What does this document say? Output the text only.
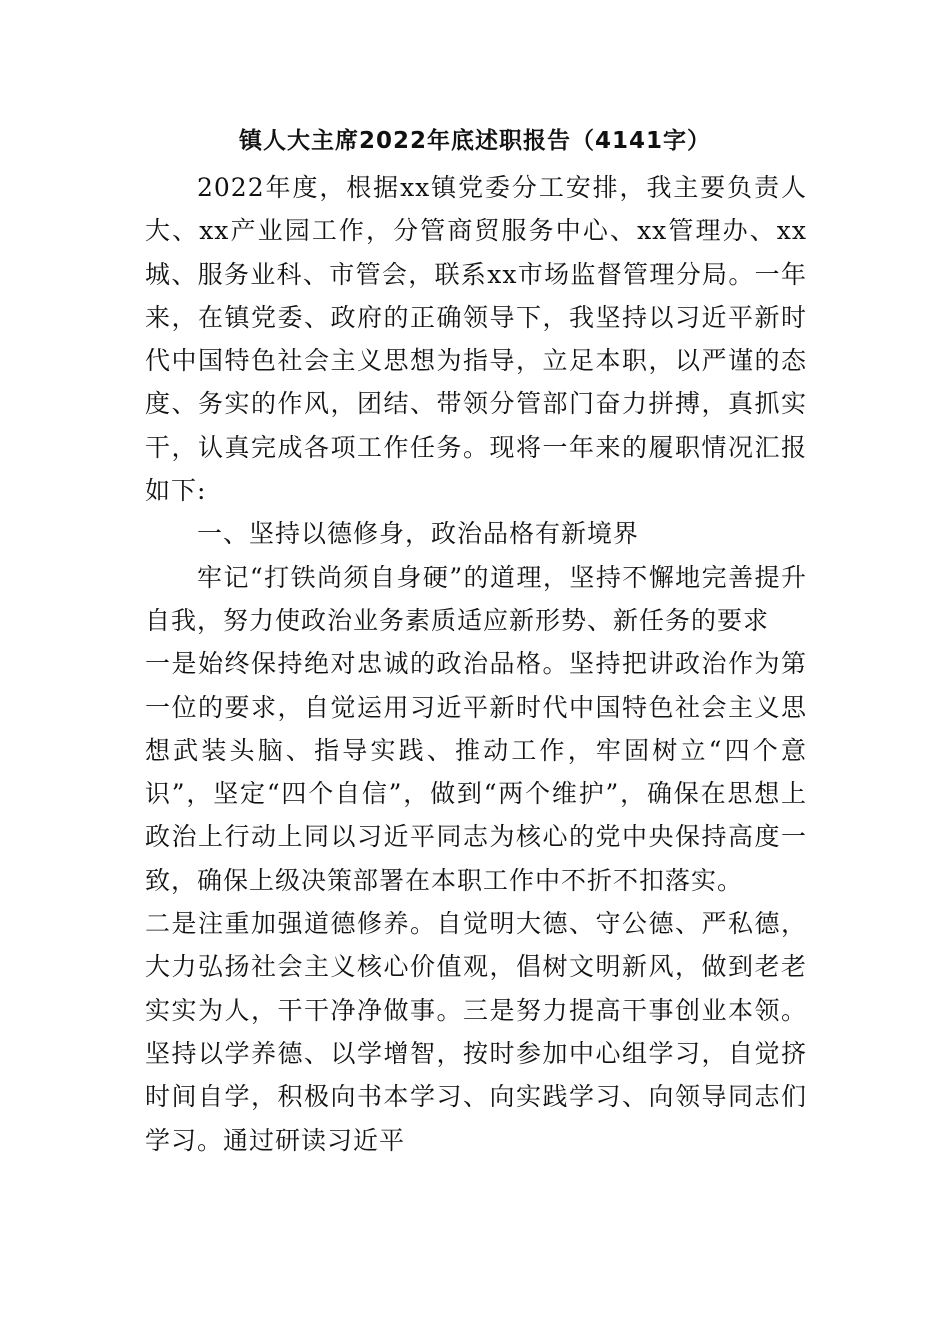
镇人大主席2022年底述职报告（4141字）

2022年度，根据xx镇党委分工安排，我主要负责人大、xx产业园工作，分管商贸服务中心、xx管理办、xx城、服务业科、市管会，联系xx市场监督管理分局。一年来，在镇党委、政府的正确领导下，我坚持以习近平新时代中国特色社会主义思想为指导，立足本职，以严谨的态度、务实的作风，团结、带领分管部门奋力拼搏，真抓实干，认真完成各项工作任务。现将一年来的履职情况汇报如下:

一、坚持以德修身，政治品格有新境界

牢记“打铁尚须自身硬”的道理，坚持不懈地完善提升自我，努力使政治业务素质适应新形势、新任务的要求

一是始终保持绝对忠诚的政治品格。坚持把讲政治作为第一位的要求，自觉运用习近平新时代中国特色社会主义思想武装头脑、指导实践、推动工作，牢固树立“四个意识”，坚定“四个自信”，做到“两个维护”，确保在思想上政治上行动上同以习近平同志为核心的党中央保持高度一致，确保上级决策部署在本职工作中不折不扣落实。

二是注重加强道德修养。自觉明大德、守公德、严私德，大力弘扬社会主义核心价值观，倡树文明新风，做到老老实实为人，干干净净做事。三是努力提高干事创业本领。坚持以学养德、以学增智，按时参加中心组学习，自觉挤时间自学，积极向书本学习、向实践学习、向领导同志们学习。通过研读习近平
